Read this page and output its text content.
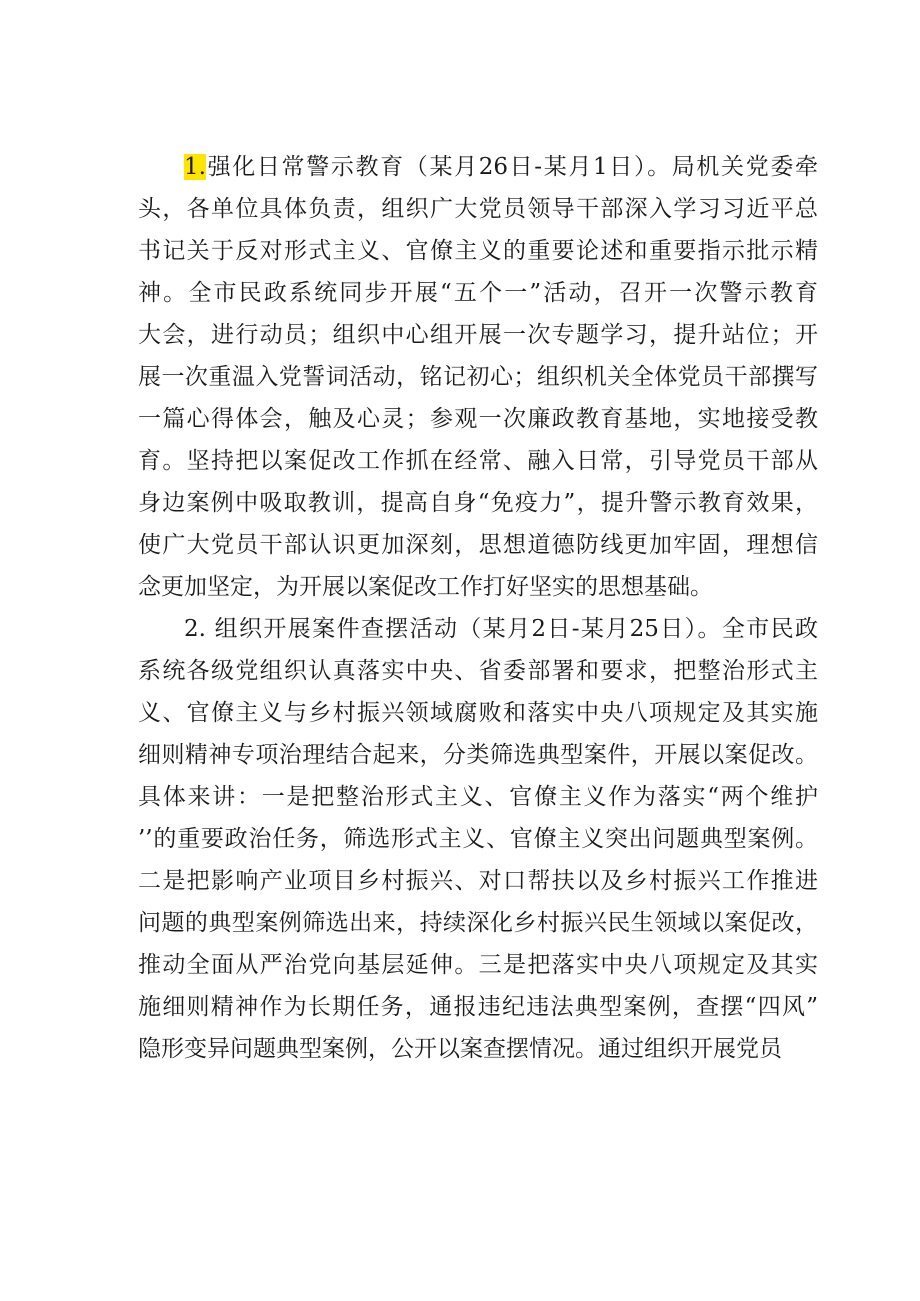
1.强化日常警示教育（某月26日-某月1日）。局机关党委牵
头，各单位具体负责，组织广大党员领导干部深入学习习近平总
书记关于反对形式主义、官僚主义的重要论述和重要指示批示精
神。全市民政系统同步开展“五个一”活动，召开一次警示教育
大会，进行动员；组织中心组开展一次专题学习，提升站位；开
展一次重温入党誓词活动，铭记初心；组织机关全体党员干部撰写
一篇心得体会，触及心灵；参观一次廉政教育基地，实地接受教
育。坚持把以案促改工作抓在经常、融入日常，引导党员干部从
身边案例中吸取教训，提高自身“免疫力”，提升警示教育效果，
使广大党员干部认识更加深刻，思想道德防线更加牢固，理想信
念更加坚定，为开展以案促改工作打好坚实的思想基础。
2. 组织开展案件查摆活动（某月2日-某月25日）。全市民政
系统各级党组织认真落实中央、省委部署和要求，把整治形式主
义、官僚主义与乡村振兴领域腐败和落实中央八项规定及其实施
细则精神专项治理结合起来，分类筛选典型案件，开展以案促改。
具体来讲：一是把整治形式主义、官僚主义作为落实“两个维护
’’的重要政治任务，筛选形式主义、官僚主义突出问题典型案例。
二是把影响产业项目乡村振兴、对口帮扶以及乡村振兴工作推进
问题的典型案例筛选出来，持续深化乡村振兴民生领域以案促改，
推动全面从严治党向基层延伸。三是把落实中央八项规定及其实
施细则精神作为长期任务，通报违纪违法典型案例，查摆“四风”
隐形变异问题典型案例，公开以案查摆情况。通过组织开展党员
